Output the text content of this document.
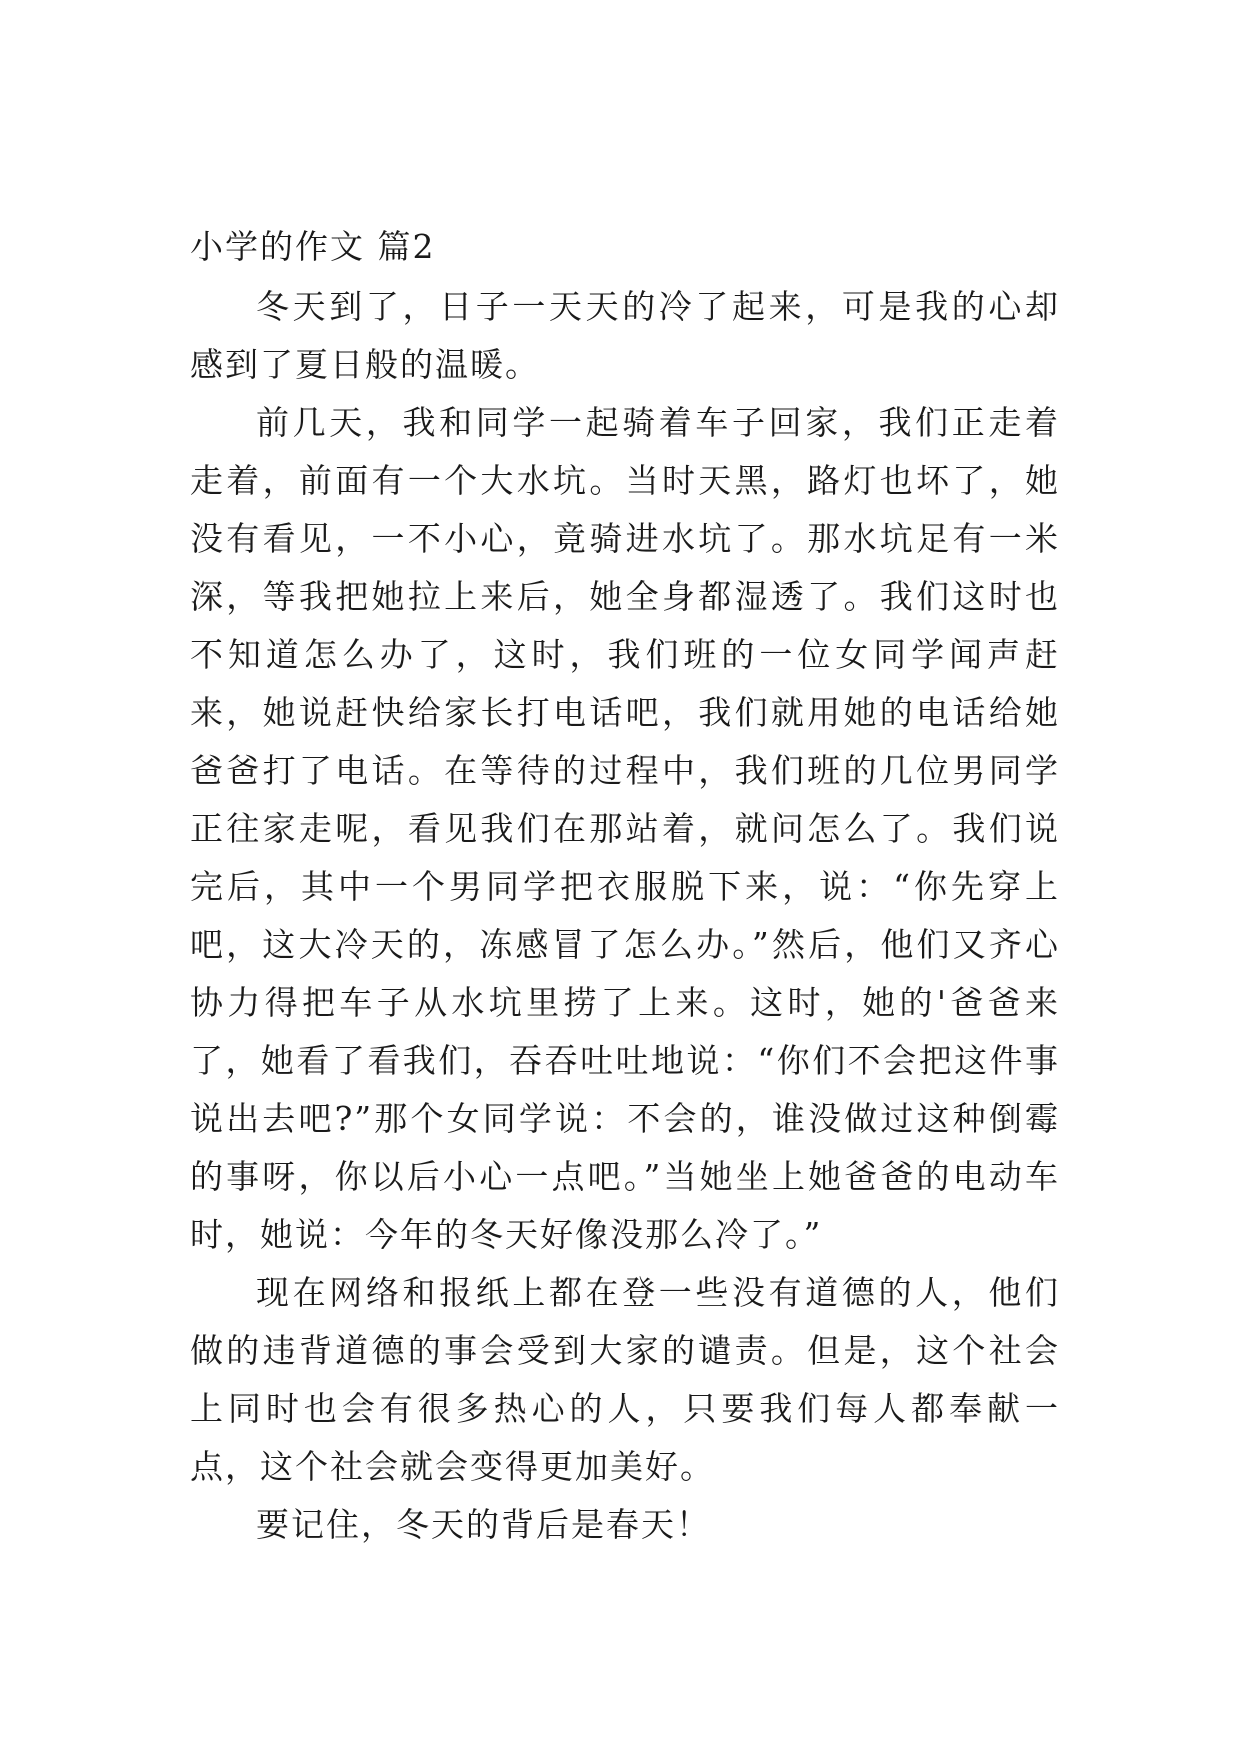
小学的作文 篇2

冬天到了，日子一天天的冷了起来，可是我的心却感到了夏日般的温暖。

前几天，我和同学一起骑着车子回家，我们正走着走着，前面有一个大水坑。当时天黑，路灯也坏了，她没有看见，一不小心，竟骑进水坑了。那水坑足有一米深，等我把她拉上来后，她全身都湿透了。我们这时也不知道怎么办了，这时，我们班的一位女同学闻声赶来，她说赶快给家长打电话吧，我们就用她的电话给她爸爸打了电话。在等待的过程中，我们班的几位男同学正往家走呢，看见我们在那站着，就问怎么了。我们说完后，其中一个男同学把衣服脱下来，说：“你先穿上吧，这大冷天的，冻感冒了怎么办。”然后，他们又齐心协力得把车子从水坑里捞了上来。这时，她的'爸爸来了，她看了看我们，吞吞吐吐地说：“你们不会把这件事说出去吧?”那个女同学说：不会的，谁没做过这种倒霉的事呀，你以后小心一点吧。”当她坐上她爸爸的电动车时，她说：今年的冬天好像没那么冷了。”

现在网络和报纸上都在登一些没有道德的人，他们做的违背道德的事会受到大家的谴责。但是，这个社会上同时也会有很多热心的人，只要我们每人都奉献一点，这个社会就会变得更加美好。

要记住，冬天的背后是春天！
